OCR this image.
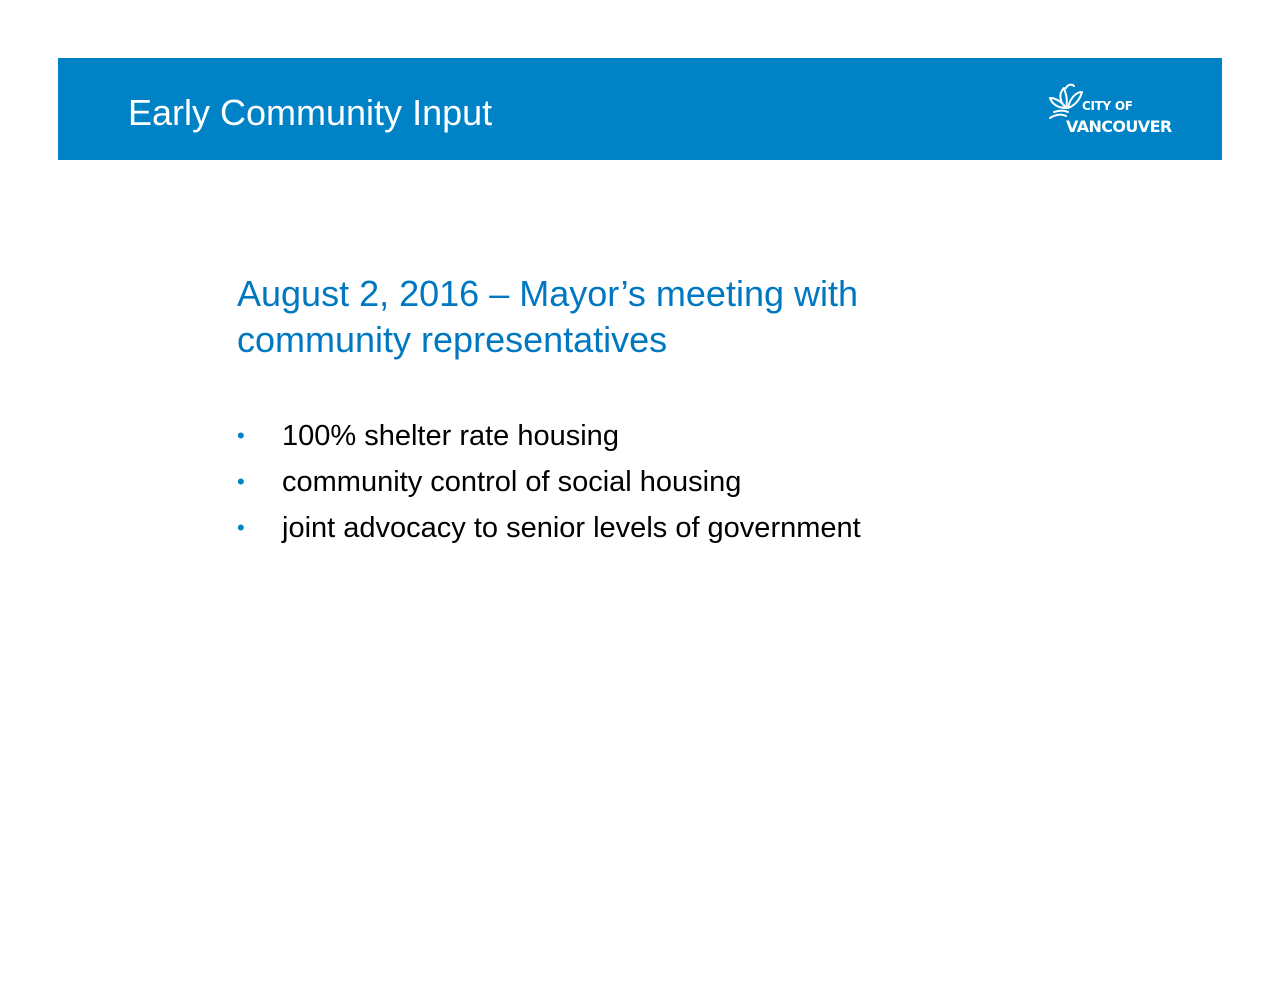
Early Community Input	CITY OF
VANCOUVER
August 2, 2016 – Mayor’s meeting with
community representatives
• 100% shelter rate housing
• community control of social housing
• joint advocacy to senior levels of government
